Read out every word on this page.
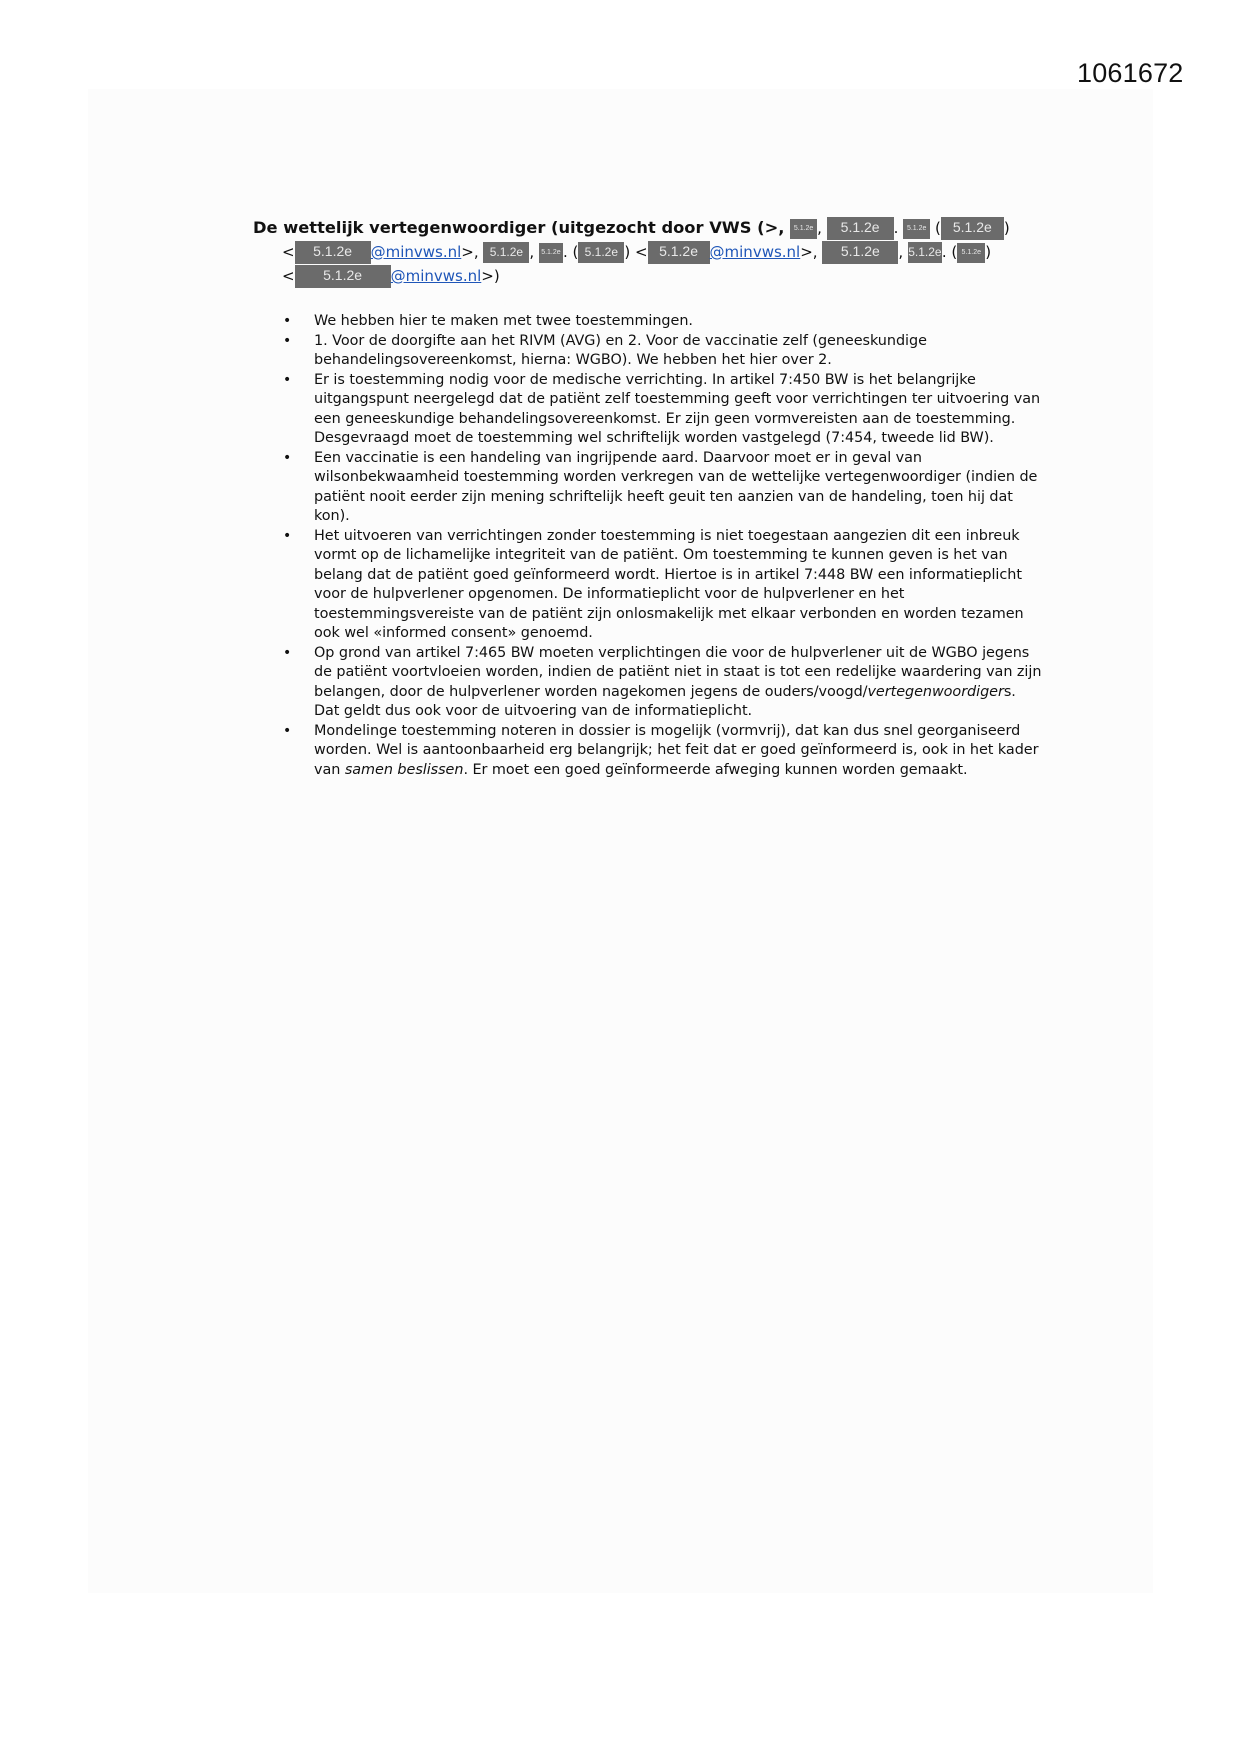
1061672
De wettelijk vertegenwoordiger (uitgezocht door VWS (>, 5.1.2e , 5.1.2e . 5.1.2e ( 5.1.2e )
< 5.1.2e @minvws.nl>, 5.1.2e , 5.1.2e . ( 5.1.2e ) < 5.1.2e @minvws.nl>, 5.1.2e , 5.1.2e. ( 5.1.2e )
< 5.1.2e @minvws.nl>)
• We hebben hier te maken met twee toestemmingen.
• 1. Voor de doorgifte aan het RIVM (AVG) en 2. Voor de vaccinatie zelf (geneeskundige behandelingsovereenkomst, hierna: WGBO). We hebben het hier over 2.
• Er is toestemming nodig voor de medische verrichting. In artikel 7:450 BW is het belangrijke uitgangspunt neergelegd dat de patiënt zelf toestemming geeft voor verrichtingen ter uitvoering van een geneeskundige behandelingsovereenkomst. Er zijn geen vormvereisten aan de toestemming. Desgevraagd moet de toestemming wel schriftelijk worden vastgelegd (7:454, tweede lid BW).
• Een vaccinatie is een handeling van ingrijpende aard. Daarvoor moet er in geval van wilsonbekwaamheid toestemming worden verkregen van de wettelijke vertegenwoordiger (indien de patiënt nooit eerder zijn mening schriftelijk heeft geuit ten aanzien van de handeling, toen hij dat kon).
• Het uitvoeren van verrichtingen zonder toestemming is niet toegestaan aangezien dit een inbreuk vormt op de lichamelijke integriteit van de patiënt. Om toestemming te kunnen geven is het van belang dat de patiënt goed geïnformeerd wordt. Hiertoe is in artikel 7:448 BW een informatieplicht voor de hulpverlener opgenomen. De informatieplicht voor de hulpverlener en het toestemmingsvereiste van de patiënt zijn onlosmakelijk met elkaar verbonden en worden tezamen ook wel «informed consent» genoemd.
• Op grond van artikel 7:465 BW moeten verplichtingen die voor de hulpverlener uit de WGBO jegens de patiënt voortvloeien worden, indien de patiënt niet in staat is tot een redelijke waardering van zijn belangen, door de hulpverlener worden nagekomen jegens de ouders/voogd/vertegenwoordigers. Dat geldt dus ook voor de uitvoering van de informatieplicht.
• Mondelinge toestemming noteren in dossier is mogelijk (vormvrij), dat kan dus snel georganiseerd worden. Wel is aantoonbaarheid erg belangrijk; het feit dat er goed geïnformeerd is, ook in het kader van samen beslissen. Er moet een goed geïnformeerde afweging kunnen worden gemaakt.
